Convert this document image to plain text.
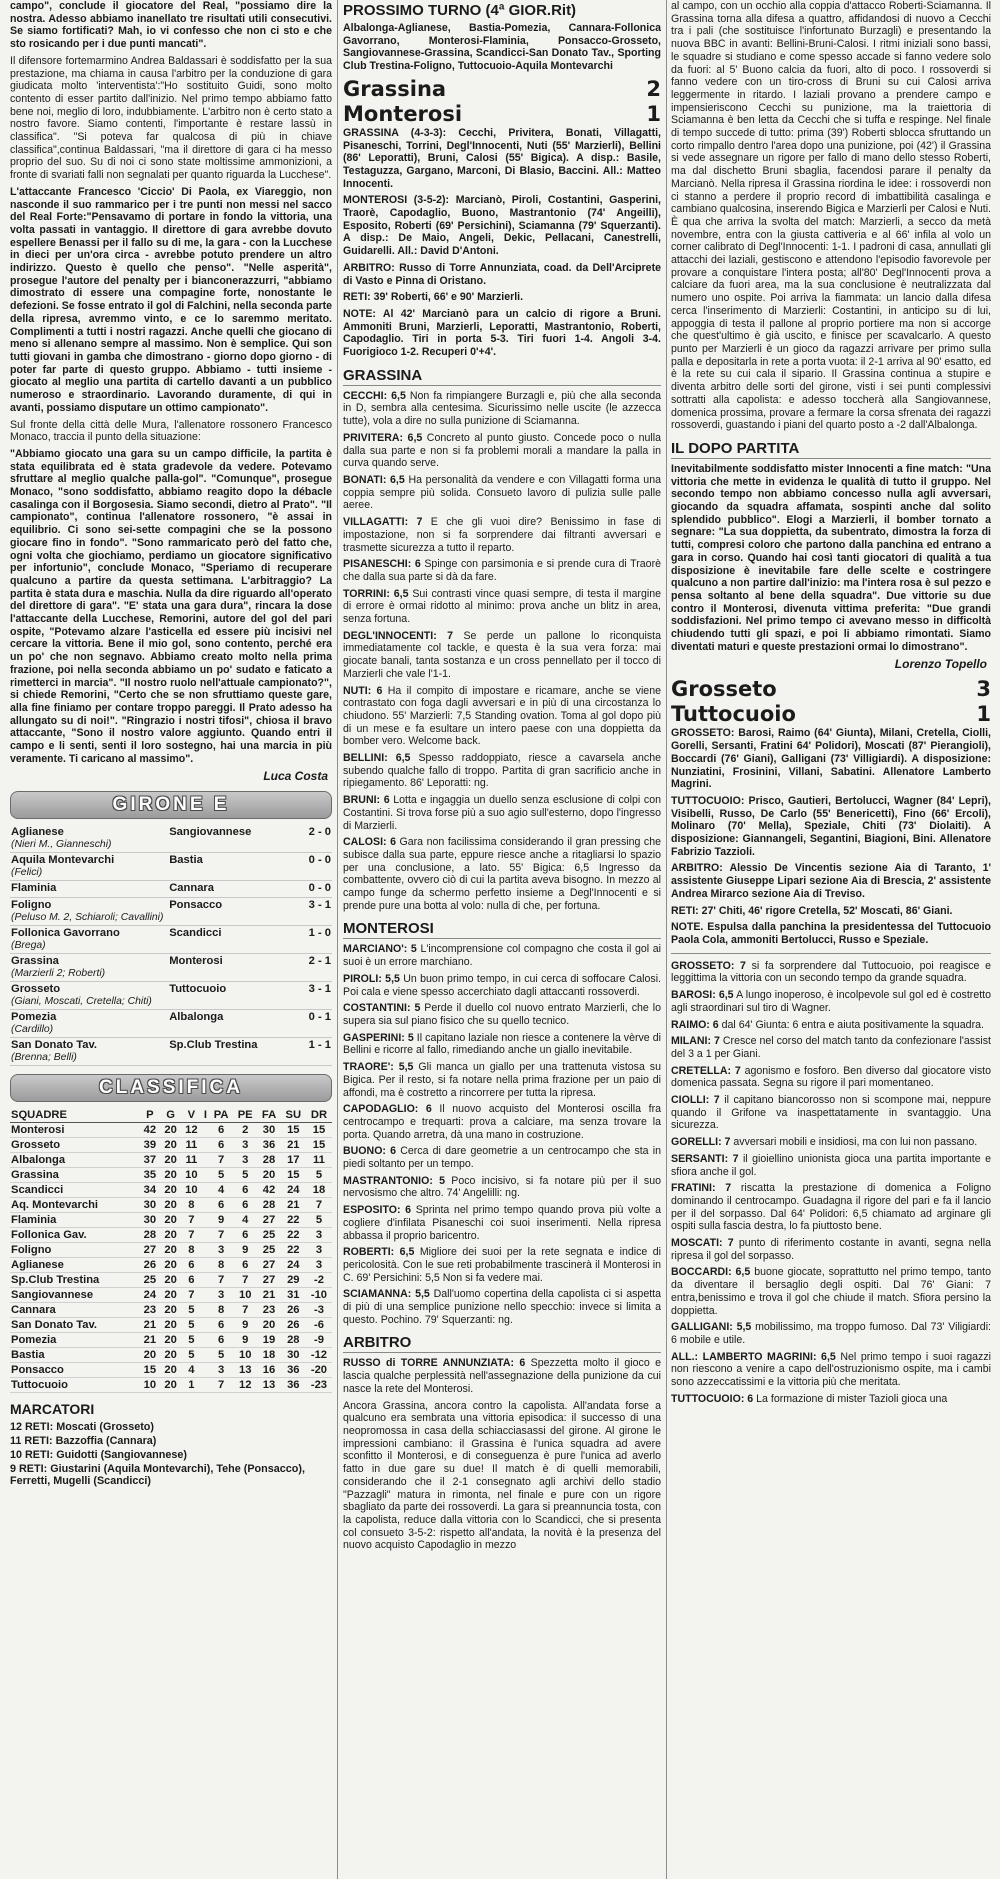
campo", conclude il giocatore del Real, "possiamo dire la nostra. Adesso abbiamo inanellato tre risultati utili consecutivi. Se siamo fortificati? Mah, io vi confesso che non ci sto e che sto rosicando per i due punti mancati".

Il difensore fortemarmino Andrea Baldassari è soddisfatto per la sua prestazione, ma chiama in causa l'arbitro per la conduzione di gara giudicata molto 'interventista':"Ho sostituito Guidi, sono molto contento di esser partito dall'inizio. Nel primo tempo abbiamo fatto bene noi, meglio di loro, indubbiamente. L'arbitro non è certo stato a nostro favore. Siamo contenti, l'importante è restare lassù in classifica". "Si poteva far qualcosa di più in chiave classifica",continua Baldassari, "ma il direttore di gara ci ha messo proprio del suo. Su di noi ci sono state moltissime ammonizioni, a fronte di svariati falli non segnalati per quanto riguarda la Lucchese".

L'attaccante Francesco 'Ciccio' Di Paola, ex Viareggio, non nasconde il suo rammarico per i tre punti non messi nel sacco del Real Forte:"Pensavamo di portare in fondo la vittoria, una volta passati in vantaggio. Il direttore di gara avrebbe dovuto espellere Benassi per il fallo su di me, la gara - con la Lucchese in dieci per un'ora circa - avrebbe potuto prendere un altro indirizzo. Questo è quello che penso". "Nelle asperità", prosegue l'autore del penalty per i bianconerazzurri, "abbiamo dimostrato di essere una compagine forte, nonostante le defezioni. Se fosse entrato il gol di Falchini, nella seconda parte della ripresa, avremmo vinto, e ce lo saremmo meritato. Complimenti a tutti i nostri ragazzi. Anche quelli che giocano di meno si allenano sempre al massimo. Non è semplice. Qui son tutti giovani in gamba che dimostrano - giorno dopo giorno - di poter far parte di questo gruppo. Abbiamo - tutti insieme - giocato al meglio una partita di cartello davanti a un pubblico numeroso e straordinario. Lavorando duramente, di qui in avanti, possiamo disputare un ottimo campionato".

Sul fronte della città delle Mura, l'allenatore rossonero Francesco Monaco, traccia il punto della situazione:

"Abbiamo giocato una gara su un campo difficile, la partita è stata equilibrata ed è stata gradevole da vedere. Potevamo sfruttare al meglio qualche palla-gol". "Comunque", prosegue Monaco, "sono soddisfatto, abbiamo reagito dopo la débacle casalinga con il Borgosesia. Siamo secondi, dietro al Prato". "Il campionato", continua l'allenatore rossonero, "è assai in equilibrio. Ci sono sei-sette compagini che se la possono giocare fino in fondo". "Sono rammaricato però del fatto che, ogni volta che giochiamo, perdiamo un giocatore significativo per infortunio", conclude Monaco, "Speriamo di recuperare qualcuno a partire da questa settimana. L'arbitraggio? La partita è stata dura e maschia. Nulla da dire riguardo all'operato del direttore di gara". "E' stata una gara dura", rincara la dose l'attaccante della Lucchese, Remorini, autore del gol del pari ospite, "Potevamo alzare l'asticella ed essere più incisivi nel cercare la vittoria. Bene il mio gol, sono contento, perché era un po' che non segnavo. Abbiamo creato molto nella prima frazione, poi nella seconda abbiamo un po' sudato e faticato a rimetterci in marcia". "Il nostro ruolo nell'attuale campionato?", si chiede Remorini, "Certo che se non sfruttiamo queste gare, alla fine finiamo per contare troppo pareggi. Il Prato adesso ha allungato su di noi!". "Ringrazio i nostri tifosi", chiosa il bravo attaccante, "Sono il nostro valore aggiunto. Quando entri il campo e li senti, senti il loro sostegno, hai una marcia in più veramente. Ti caricano al massimo".

Luca Costa
GIRONE E
Aglianese	Sangiovannese	2 - 0
(Nieri M., Gianneschi)		
Aquila Montevarchi	Bastia	0 - 0
(Felici)		
Flaminia	Cannara	0 - 0

Foligno	Ponsacco	3 - 1
(Peluso M. 2, Schiaroli; Cavallini)		
Follonica Gavorrano	Scandicci	1 - 0
(Brega)		
Grassina	Monterosi	2 - 1
(Marzierli 2; Roberti)		
Grosseto	Tuttocuoio	3 - 1
(Giani, Moscati, Cretella; Chiti)		
Pomezia	Albalonga	0 - 1
(Cardillo)		
San Donato Tav.	Sp.Club Trestina	1 - 1
(Brenna; Belli)		
CLASSIFICA
SQUADRE	P	G	V	I	PA	PE	FA	SU	DR
Monterosi	42	20	12		6	2	30	15	15
Grosseto	39	20	11		6	3	36	21	15
Albalonga	37	20	11		7	3	28	17	11
Grassina	35	20	10		5	5	20	15	5
Scandicci	34	20	10		4	6	42	24	18
Aq. Montevarchi	30	20	8		6	6	28	21	7
Flaminia	30	20	7		9	4	27	22	5
Follonica Gav.	28	20	7		7	6	25	22	3
Foligno	27	20	8		3	9	25	22	3
Aglianese	26	20	6		8	6	27	24	3
Sp.Club Trestina	25	20	6		7	7	27	29	-2
Sangiovannese	24	20	7		3	10	21	31	-10
Cannara	23	20	5		8	7	23	26	-3
San Donato Tav.	21	20	5		6	9	20	26	-6
Pomezia	21	20	5		6	9	19	28	-9
Bastia	20	20	5		5	10	18	30	-12
Ponsacco	15	20	4		3	13	16	36	-20
Tuttocuoio	10	20	1		7	12	13	36	-23
MARCATORI

12 RETI: Moscati (Grosseto)

11 RETI: Bazzoffia (Cannara)

10 RETI: Guidotti (Sangiovannese)

9 RETI: Giustarini (Aquila Montevarchi), Tehe (Ponsacco), Ferretti, Mugelli (Scandicci)

PROSSIMO TURNO (4ª GIOR.Rit)

Albalonga-Aglianese, Bastia-Pomezia, Cannara-Follonica Gavorrano, Monterosi-Flaminia, Ponsacco-Grosseto, Sangiovannese-Grassina, Scandicci-San Donato Tav., Sporting Club Trestina-Foligno, Tuttocuoio-Aquila Montevarchi

Grassina	2
Monterosi	1

GRASSINA (4-3-3): Cecchi, Privitera, Bonati, Villagatti, Pisaneschi, Torrini, Degl'Innocenti, Nuti (55' Marzierli), Bellini (86' Leporatti), Bruni, Calosi (55' Bigica). A disp.: Basile, Testaguzza, Gargano, Marconi, Di Blasio, Baccini. All.: Matteo Innocenti.

MONTEROSI (3-5-2): Marcianò, Piroli, Costantini, Gasperini, Traorè, Capodaglio, Buono, Mastrantonio (74' Angeilli), Esposito, Roberti (69' Persichini), Sciamanna (79' Squerzanti). A disp.: De Maio, Angeli, Dekic, Pellacani, Canestrelli, Guidarelli. All.: David D'Antoni.

ARBITRO: Russo di Torre Annunziata, coad. da Dell'Arciprete di Vasto e Pinna di Oristano.

RETI: 39' Roberti, 66' e 90' Marzierli.

NOTE: Al 42' Marcianò para un calcio di rigore a Bruni. Ammoniti Bruni, Marzierli, Leporatti, Mastrantonio, Roberti, Capodaglio. Tiri in porta 5-3. Tiri fuori 1-4. Angoli 3-4. Fuorigioco 1-2. Recuperi 0'+4'.

GRASSINA

CECCHI: 6,5 Non fa rimpiangere Burzagli e, più che alla seconda in D, sembra alla centesima. Sicurissimo nelle uscite (le azzecca tutte), vola a dire no sulla punizione di Sciamanna.

PRIVITERA: 6,5 Concreto al punto giusto. Concede poco o nulla dalla sua parte e non si fa problemi morali a mandare la palla in curva quando serve.

BONATI: 6,5 Ha personalità da vendere e con Villagatti forma una coppia sempre più solida. Consueto lavoro di pulizia sulle palle aeree.

VILLAGATTI: 7 E che gli vuoi dire? Benissimo in fase di impostazione, non si fa sorprendere dai filtranti avversari e trasmette sicurezza a tutto il reparto.

PISANESCHI: 6 Spinge con parsimonia e si prende cura di Traorè che dalla sua parte si dà da fare.

TORRINI: 6,5 Sui contrasti vince quasi sempre, di testa il margine di errore è ormai ridotto al minimo: prova anche un blitz in area, senza fortuna.

DEGL'INNOCENTI: 7 Se perde un pallone lo riconquista immediatamente col tackle, e questa è la sua vera forza: mai giocate banali, tanta sostanza e un cross pennellato per il tocco di Marzierli che vale l'1-1.

NUTI: 6 Ha il compito di impostare e ricamare, anche se viene contrastato con foga dagli avversari e in più di una circostanza lo chiudono. 55' Marzierli: 7,5 Standing ovation. Toma al gol dopo più di un mese e fa esultare un intero paese con una doppietta da bomber vero. Welcome back.

BELLINI: 6,5 Spesso raddoppiato, riesce a cavarsela anche subendo qualche fallo di troppo. Partita di gran sacrificio anche in ripiegamento. 86' Leporatti: ng.

BRUNI: 6 Lotta e ingaggia un duello senza esclusione di colpi con Costantini. Si trova forse più a suo agio sull'esterno, dopo l'ingresso di Marzierli.

CALOSI: 6 Gara non facilissima considerando il gran pressing che subisce dalla sua parte, eppure riesce anche a ritagliarsi lo spazio per una conclusione, a lato. 55' Bigica: 6,5 Ingresso da combattente, ovvero ciò di cui la partita aveva bisogno. In mezzo al campo funge da schermo perfetto insieme a Degl'Innocenti e si prende pure una botta al volo: nulla di che, per fortuna.

MONTEROSI

MARCIANO': 5 L'incomprensione col compagno che costa il gol ai suoi è un errore marchiano.

PIROLI: 5,5 Un buon primo tempo, in cui cerca di soffocare Calosi. Poi cala e viene spesso accerchiato dagli attaccanti rossoverdi.

COSTANTINI: 5 Perde il duello col nuovo entrato Marzierli, che lo supera sia sul piano fisico che su quello tecnico.

GASPERINI: 5 Il capitano laziale non riesce a contenere la vèrve di Bellini e ricorre al fallo, rimediando anche un giallo inevitabile.

TRAORE': 5,5 Gli manca un giallo per una trattenuta vistosa su Bigica. Per il resto, si fa notare nella prima frazione per un paio di affondi, ma è costretto a rincorrere per tutta la ripresa.

CAPODAGLIO: 6 Il nuovo acquisto del Monterosi oscilla fra centrocampo e trequarti: prova a calciare, ma senza trovare la porta. Quando arretra, dà una mano in costruzione.

BUONO: 6 Cerca di dare geometrie a un centrocampo che sta in piedi soltanto per un tempo.

MASTRANTONIO: 5 Poco incisivo, si fa notare più per il suo nervosismo che altro. 74' Angelilli: ng.

ESPOSITO: 6 Sprinta nel primo tempo quando prova più volte a cogliere d'infilata Pisaneschi coi suoi inserimenti. Nella ripresa abbassa il proprio baricentro.

ROBERTI: 6,5 Migliore dei suoi per la rete segnata e indice di pericolosità. Con le sue reti probabilmente trascinerà il Monterosi in C. 69' Persichini: 5,5 Non si fa vedere mai.

SCIAMANNA: 5,5 Dall'uomo copertina della capolista ci si aspetta di più di una semplice punizione nello specchio: invece si limita a questo. Pochino. 79' Squerzanti: ng.

ARBITRO

RUSSO di TORRE ANNUNZIATA: 6 Spezzetta molto il gioco e lascia qualche perplessità nell'assegnazione della punizione da cui nasce la rete del Monterosi.

Ancora Grassina, ancora contro la capolista. All'andata forse a qualcuno era sembrata una vittoria episodica: il successo di una neopromossa in casa della schiacciasassi del girone. Al girone le impressioni cambiano: il Grassina è l'unica squadra ad avere sconfitto il Monterosi, e di conseguenza è pure l'unica ad averlo fatto in due gare su due! Il match è di quelli memorabili, considerando che il 2-1 consegnato agli archivi dello stadio "Pazzagli" matura in rimonta, nel finale e pure con un rigore sbagliato da parte dei rossoverdi. La gara si preannuncia tosta, con la capolista, reduce dalla vittoria con lo Scandicci, che si presenta col consueto 3-5-2: rispetto all'andata, la novità è la presenza del nuovo acquisto Capodaglio in mezzo

al campo, con un occhio alla coppia d'attacco Roberti-Sciamanna. Il Grassina torna alla difesa a quattro, affidandosi di nuovo a Cecchi tra i pali (che sostituisce l'infortunato Burzagli) e presentando la nuova BBC in avanti: Bellini-Bruni-Calosi. I ritmi iniziali sono bassi, le squadre si studiano e come spesso accade si fanno vedere solo da fuori: al 5' Buono calcia da fuori, alto di poco. I rossoverdi si fanno vedere con un tiro-cross di Bruni su cui Calosi arriva leggermente in ritardo. I laziali provano a prendere campo e impensieriscono Cecchi su punizione, ma la traiettoria di Sciamanna è ben letta da Cecchi che si tuffa e respinge. Nel finale di tempo succede di tutto: prima (39') Roberti sblocca sfruttando un corto rimpallo dentro l'area dopo una punizione, poi (42') il Grassina si vede assegnare un rigore per fallo di mano dello stesso Roberti, ma dal dischetto Bruni sbaglia, facendosi parare il penalty da Marcianò. Nella ripresa il Grassina riordina le idee: i rossoverdi non ci stanno a perdere il proprio record di imbattibilità casalinga e cambiano qualcosina, inserendo Bigica e Marzierli per Calosi e Nuti. È qua che arriva la svolta del match: Marzierli, a secco da metà novembre, entra con la giusta cattiveria e al 66' infila al volo un corner calibrato di Degl'Innocenti: 1-1. I padroni di casa, annullati gli attacchi dei laziali, gestiscono e attendono l'episodio favorevole per provare a conquistare l'intera posta; all'80' Degl'Innocenti prova a calciare da fuori area, ma la sua conclusione è neutralizzata dal numero uno ospite. Poi arriva la fiammata: un lancio dalla difesa cerca l'inserimento di Marzierli: Costantini, in anticipo su di lui, appoggia di testa il pallone al proprio portiere ma non si accorge che quest'ultimo è già uscito, e finisce per scavalcarlo. A questo punto per Marzierli è un gioco da ragazzi arrivare per primo sulla palla e depositarla in rete a porta vuota: il 2-1 arriva al 90' esatto, ed è la rete su cui cala il sipario. Il Grassina continua a stupire e diventa arbitro delle sorti del girone, visti i sei punti complessivi sottratti alla capolista: e adesso toccherà alla Sangiovannese, domenica prossima, provare a fermare la corsa sfrenata dei ragazzi rossoverdi, guastando i piani del quarto posto a -2 dall'Albalonga.

IL DOPO PARTITA

Inevitabilmente soddisfatto mister Innocenti a fine match: "Una vittoria che mette in evidenza le qualità di tutto il gruppo. Nel secondo tempo non abbiamo concesso nulla agli avversari, giocando da squadra affamata, sospinti anche dal solito splendido pubblico". Elogi a Marzierli, il bomber tornato a segnare: "La sua doppietta, da subentrato, dimostra la forza di tutti, compresi coloro che partono dalla panchina ed entrano a gara in corso. Quando hai così tanti giocatori di qualità a tua disposizione è inevitabile fare delle scelte e costringere qualcuno a non partire dall'inizio: ma l'intera rosa è sul pezzo e pensa soltanto al bene della squadra". Due vittorie su due contro il Monterosi, divenuta vittima preferita: "Due grandi soddisfazioni. Nel primo tempo ci avevano messo in difficoltà chiudendo tutti gli spazi, e poi li abbiamo rimontati. Siamo diventati maturi e queste prestazioni ormai lo dimostrano".

Lorenzo Topello
Grosseto	3
Tuttocuoio	1

GROSSETO: Barosi, Raimo (64' Giunta), Milani, Cretella, Ciolli, Gorelli, Sersanti, Fratini 64' Polidori), Moscati (87' Pierangioli), Boccardi (76' Giani), Galligani (73' Villigiardi). A disposizione: Nunziatini, Frosinini, Villani, Sabatini. Allenatore Lamberto Magrini.

TUTTOCUOIO: Prisco, Gautieri, Bertolucci, Wagner (84' Lepri), Visibelli, Russo, De Carlo (55' Benericetti), Fino (66' Ercoli), Molinaro (70' Mella), Speziale, Chiti (73' Diolaiti). A disposizione: Giannangeli, Segantini, Biagioni, Bini. Allenatore Fabrizio Tazzioli.

ARBITRO: Alessio De Vincentis sezione Aia di Taranto, 1' assistente Giuseppe Lipari sezione Aia di Brescia, 2' assistente Andrea Mirarco sezione Aia di Treviso.

RETI: 27' Chiti, 46' rigore Cretella, 52' Moscati, 86' Giani.

NOTE. Espulsa dalla panchina la presidentessa del Tuttocuoio Paola Cola, ammoniti Bertolucci, Russo e Speziale.

GROSSETO: 7 si fa sorprendere dal Tuttocuoio, poi reagisce e leggittima la vittoria con un secondo tempo da grande squadra.

BAROSI: 6,5 A lungo inoperoso, è incolpevole sul gol ed è costretto agli straordinari sul tiro di Wagner.

RAIMO: 6 dal 64' Giunta: 6 entra e aiuta positivamente la squadra.

MILANI: 7 Cresce nel corso del match tanto da confezionare l'assist del 3 a 1 per Giani.

CRETELLA: 7 agonismo e fosforo. Ben diverso dal giocatore visto domenica passata. Segna su rigore il pari momentaneo.

CIOLLI: 7 il capitano biancorosso non si scompone mai, neppure quando il Grifone va inaspettatamente in svantaggio. Una sicurezza.

GORELLI: 7 avversari mobili e insidiosi, ma con lui non passano.

SERSANTI: 7 il gioiellino unionista gioca una partita importante e sfiora anche il gol.

FRATINI: 7 riscatta la prestazione di domenica a Foligno dominando il centrocampo. Guadagna il rigore del pari e fa il lancio per il del sorpasso. Dal 64' Polidori: 6,5 chiamato ad arginare gli ospiti sulla fascia destra, lo fa piuttosto bene.

MOSCATI: 7 punto di riferimento costante in avanti, segna nella ripresa il gol del sorpasso.

BOCCARDI: 6,5 buone giocate, soprattutto nel primo tempo, tanto da diventare il bersaglio degli ospiti. Dal 76' Giani: 7 entra,benissimo e trova il gol che chiude il match. Sfiora persino la doppietta.

GALLIGANI: 5,5 mobilissimo, ma troppo fumoso. Dal 73' Viligiardi: 6 mobile e utile.

ALL.: LAMBERTO MAGRINI: 6,5 Nel primo tempo i suoi ragazzi non riescono a venire a capo dell'ostruzionismo ospite, ma i cambi sono azzeccatissimi e la vittoria più che meritata.

TUTTOCUOIO: 6 La formazione di mister Tazioli gioca una
